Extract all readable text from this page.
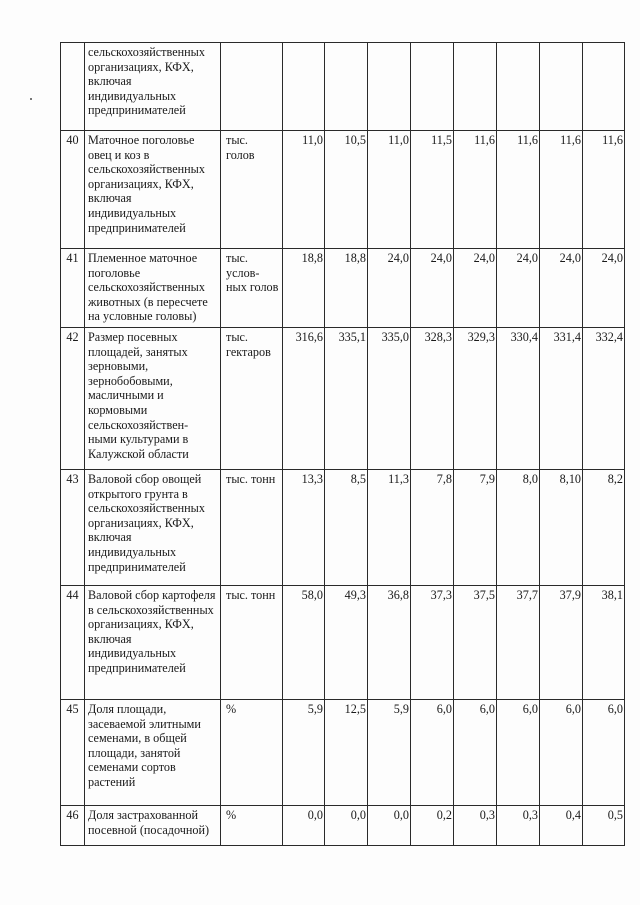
	сельскохозяйственных организациях, КФХ, включая индивидуальных предпринимателей									
40	Маточное поголовье овец и коз в сельскохозяйственных организациях, КФХ, включая индивидуальных предпринимателей	тыс. голов	11,0	10,5	11,0	11,5	11,6	11,6	11,6	11,6
41	Племенное маточное поголовье сельскохозяйственных животных (в пересчете на условные головы)	тыс. услов-ных голов	18,8	18,8	24,0	24,0	24,0	24,0	24,0	24,0
42	Размер посевных площадей, занятых зерновыми, зернобобовыми, масличными и кормовыми сельскохозяйствен-ными культурами в Калужской области	тыс. гектаров	316,6	335,1	335,0	328,3	329,3	330,4	331,4	332,4
43	Валовой сбор овощей открытого грунта в сельскохозяйственных организациях, КФХ, включая индивидуальных предпринимателей	тыс. тонн	13,3	8,5	11,3	7,8	7,9	8,0	8,10	8,2
44	Валовой сбор картофеля в сельскохозяйственных организациях, КФХ, включая индивидуальных предпринимателей	тыс. тонн	58,0	49,3	36,8	37,3	37,5	37,7	37,9	38,1
45	Доля площади, засеваемой элитными семенами, в общей площади, занятой семенами сортов растений	%	5,9	12,5	5,9	6,0	6,0	6,0	6,0	6,0
46	Доля застрахованной посевной (посадочной)	%	0,0	0,0	0,0	0,2	0,3	0,3	0,4	0,5
